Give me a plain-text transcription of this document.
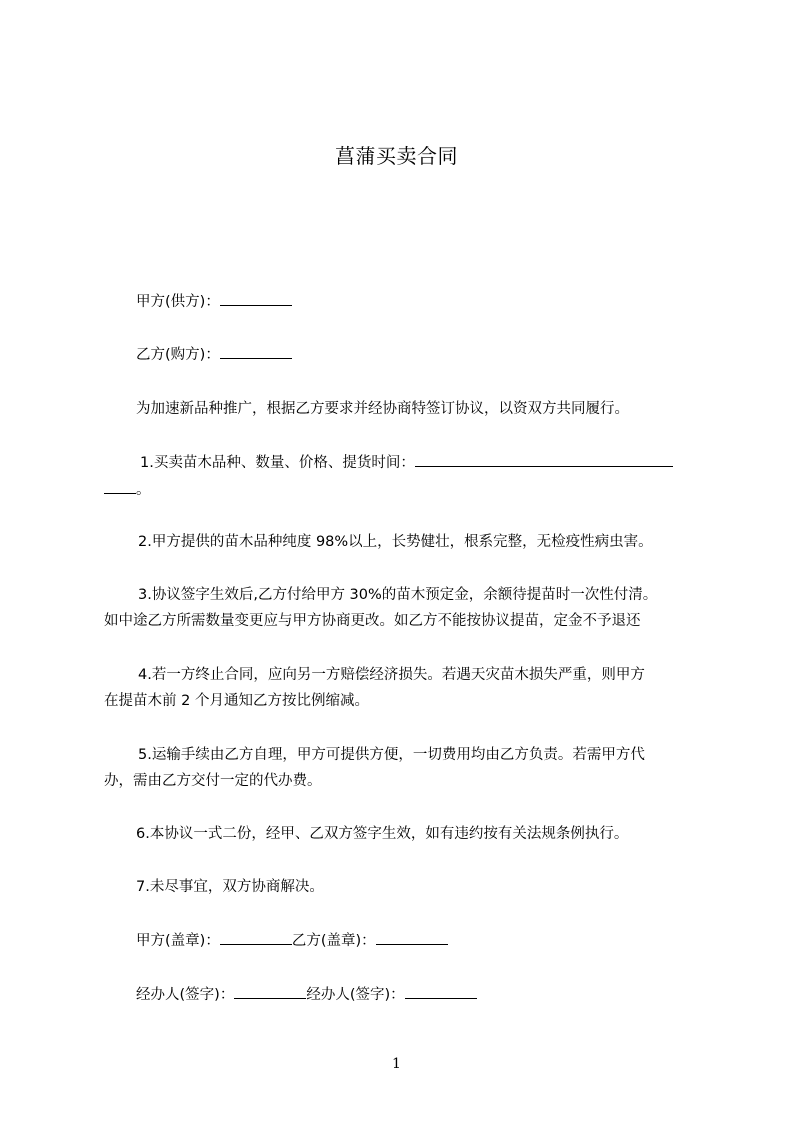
菖蒲买卖合同
甲方(供方)：
乙方(购方)：
为加速新品种推广，根据乙方要求并经协商特签订协议，以资双方共同履行。
1.买卖苗木品种、数量、价格、提货时间：
。
2.甲方提供的苗木品种纯度 98%以上，长势健壮，根系完整，无检疫性病虫害。
3.协议签字生效后,乙方付给甲方 30%的苗木预定金，余额待提苗时一次性付清。
如中途乙方所需数量变更应与甲方协商更改。如乙方不能按协议提苗，定金不予退还
4.若一方终止合同，应向另一方赔偿经济损失。若遇天灾苗木损失严重，则甲方
在提苗木前 2 个月通知乙方按比例缩减。
5.运输手续由乙方自理，甲方可提供方便，一切费用均由乙方负责。若需甲方代
办，需由乙方交付一定的代办费。
6.本协议一式二份，经甲、乙双方签字生效，如有违约按有关法规条例执行。
7.未尽事宜，双方协商解决。
甲方(盖章)：	乙方(盖章)：
经办人(签字)：	经办人(签字)：
1
